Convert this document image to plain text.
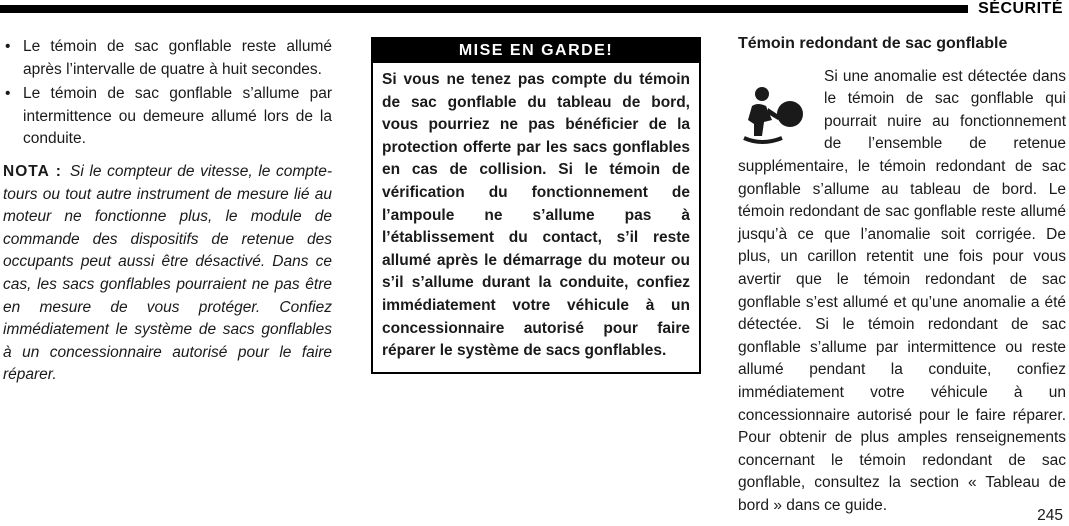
SÉCURITÉ
• Le témoin de sac gonflable reste allumé après l’intervalle de quatre à huit secondes.
• Le témoin de sac gonflable s’allume par intermittence ou demeure allumé lors de la conduite.
NOTA : Si le compteur de vitesse, le compte-tours ou tout autre instrument de mesure lié au moteur ne fonctionne plus, le module de commande des dispositifs de retenue des occupants peut aussi être désactivé. Dans ce cas, les sacs gonflables pourraient ne pas être en mesure de vous protéger. Confiez immédiatement le système de sacs gonflables à un concessionnaire autorisé pour le faire réparer.
MISE EN GARDE!
Si vous ne tenez pas compte du témoin de sac gonflable du tableau de bord, vous pourriez ne pas bénéficier de la protection offerte par les sacs gonflables en cas de collision. Si le témoin de vérification du fonctionnement de l’ampoule ne s’allume pas à l’établissement du contact, s’il reste allumé après le démarrage du moteur ou s’il s’allume durant la conduite, confiez immédiatement votre véhicule à un concessionnaire autorisé pour faire réparer le système de sacs gonflables.
Témoin redondant de sac gonflable
Si une anomalie est détectée dans le témoin de sac gonflable qui pourrait nuire au fonctionnement de l’ensemble de retenue supplémentaire, le témoin redondant de sac gonflable s’allume au tableau de bord. Le témoin redondant de sac gonflable reste allumé jusqu’à ce que l’anomalie soit corrigée. De plus, un carillon retentit une fois pour vous avertir que le témoin redondant de sac gonflable s’est allumé et qu’une anomalie a été détectée. Si le témoin redondant de sac gonflable s’allume par intermittence ou reste allumé pendant la conduite, confiez immédiatement votre véhicule à un concessionnaire autorisé pour le faire réparer. Pour obtenir de plus amples renseignements concernant le témoin redondant de sac gonflable, consultez la section « Tableau de bord » dans ce guide.
245
